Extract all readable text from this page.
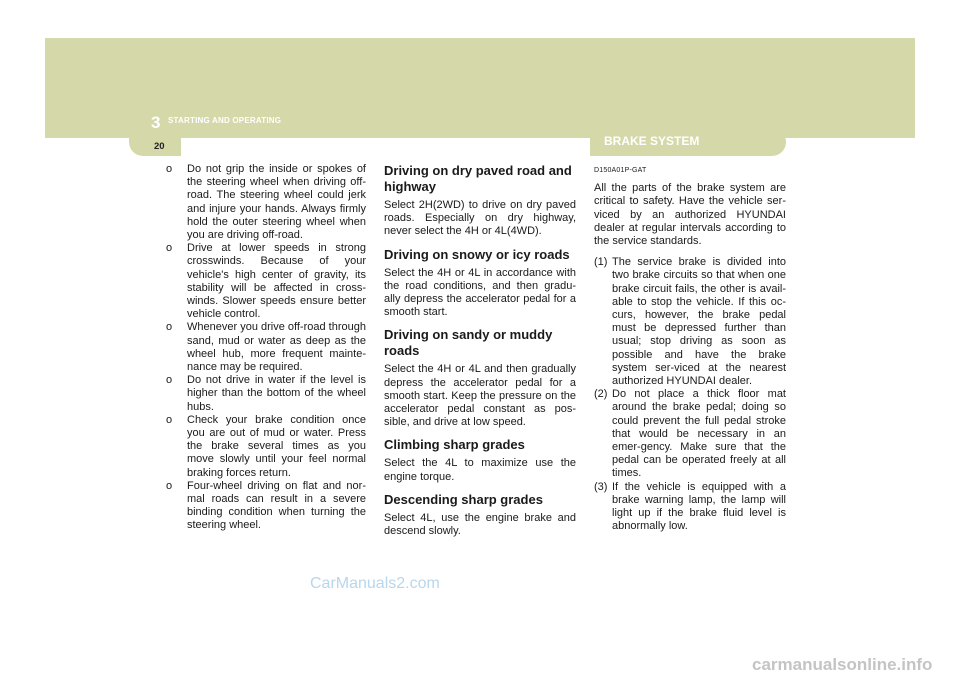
3 STARTING AND OPERATING
20	BRAKE SYSTEM
o	Do not grip the inside or spokes of the steering wheel when driving off-road. The steering wheel could jerk and injure your hands. Always firmly hold the outer steering wheel when you are driving off-road.
o	Drive at lower speeds in strong crosswinds. Because of your vehicle's high center of gravity, its stability will be affected in cross-winds. Slower speeds ensure better vehicle control.
o	Whenever you drive off-road through sand, mud or water as deep as the wheel hub, more frequent mainte-nance may be required.
o	Do not drive in water if the level is higher than the bottom of the wheel hubs.
o	Check your brake condition once you are out of mud or water. Press the brake several times as you move slowly until your feel normal braking forces return.
o	Four-wheel driving on flat and nor-mal roads can result in a severe binding condition when turning the steering wheel.
Driving on dry paved road and highway
Select 2H(2WD) to drive on dry paved roads. Especially on dry highway, never select the 4H or 4L(4WD).
Driving on snowy or icy roads
Select the 4H or 4L in accordance with the road conditions, and then gradu-ally depress the accelerator pedal for a smooth start.
Driving on sandy or muddy roads
Select the 4H or 4L and then gradually depress the accelerator pedal for a smooth start. Keep the pressure on the accelerator pedal constant as pos-sible, and drive at low speed.
Climbing sharp grades
Select the 4L to maximize use the engine torque.
Descending sharp grades
Select 4L, use the engine brake and descend slowly.
D150A01P-GAT
All the parts of the brake system are critical to safety. Have the vehicle ser-viced by an authorized HYUNDAI dealer at regular intervals according to the service standards.
(1) The service brake is divided into two brake circuits so that when one brake circuit fails, the other is avail-able to stop the vehicle. If this oc-curs, however, the brake pedal must be depressed further than usual; stop driving as soon as possible and have the brake system ser-viced at the nearest authorized HYUNDAI dealer.
(2) Do not place a thick floor mat around the brake pedal; doing so could prevent the full pedal stroke that would be necessary in an emer-gency. Make sure that the pedal can be operated freely at all times.
(3) If the vehicle is equipped with a brake warning lamp, the lamp will light up if the brake fluid level is abnormally low.
CarManuals2.com
carmanualsonline.info
